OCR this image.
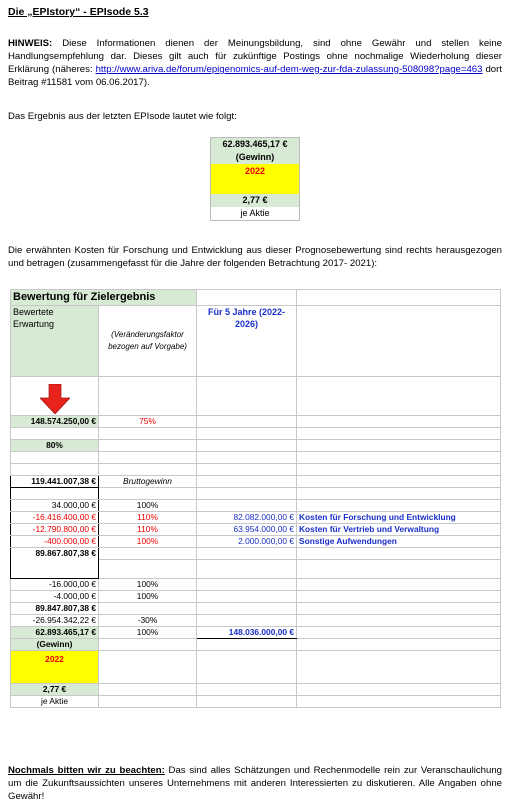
Die „EPIstory“ - EPIsode 5.3
HINWEIS: Diese Informationen dienen der Meinungsbildung, sind ohne Gewähr und stellen keine Handlungsempfehlung dar. Dieses gilt auch für zukünftige Postings ohne nochmalige Wiederholung dieser Erklärung (näheres: http://www.ariva.de/forum/epigenomics-auf-dem-weg-zur-fda-zulassung-508098?page=463 dort Beitrag #11581 vom 06.06.2017).
Das Ergebnis aus der letzten EPIsode lautet wie folgt:
62.893.465,17 €
(Gewinn)
2022
2,77 €
je Aktie
Die erwähnten Kosten für Forschung und Entwicklung aus dieser Prognosebewertung sind rechts herausgezogen und betragen (zusammengefasst für die Jahre der folgenden Betrachtung 2017- 2021):
Bewertung für Zielergebnis			
Bewertete Erwartung	(Veränderungsfaktor bezogen auf Vorgabe)	Für 5 Jahre (2022-2026)	

148.574.250,00 €	75%		

80%			

119.441.007,38 €	Bruttogewinn		

34.000,00 €	100%		
-16.416.400,00 €	110%	82.082.000,00 €	Kosten für Forschung und Entwicklung
-12.790.800,00 €	110%	63.954.000,00 €	Kosten für Vertrieb und Verwaltung
-400.000,00 €	100%	2.000.000,00 €	Sonstige Aufwendungen
89.867.807,38 €			

-16.000,00 €	100%		
-4.000,00 €	100%		
89.847.807,38 €			
-26.954.342,22 €	-30%		
62.893.465,17 €	100%	148.036.000,00 €	
(Gewinn)			
2022			
2,77 €			
je Aktie			
Nochmals bitten wir zu beachten: Das sind alles Schätzungen und Rechenmodelle rein zur Veranschaulichung um die Zukunftsaussichten unseres Unternehmens mit anderen Interessierten zu diskutieren. Alle Angaben ohne Gewähr!
